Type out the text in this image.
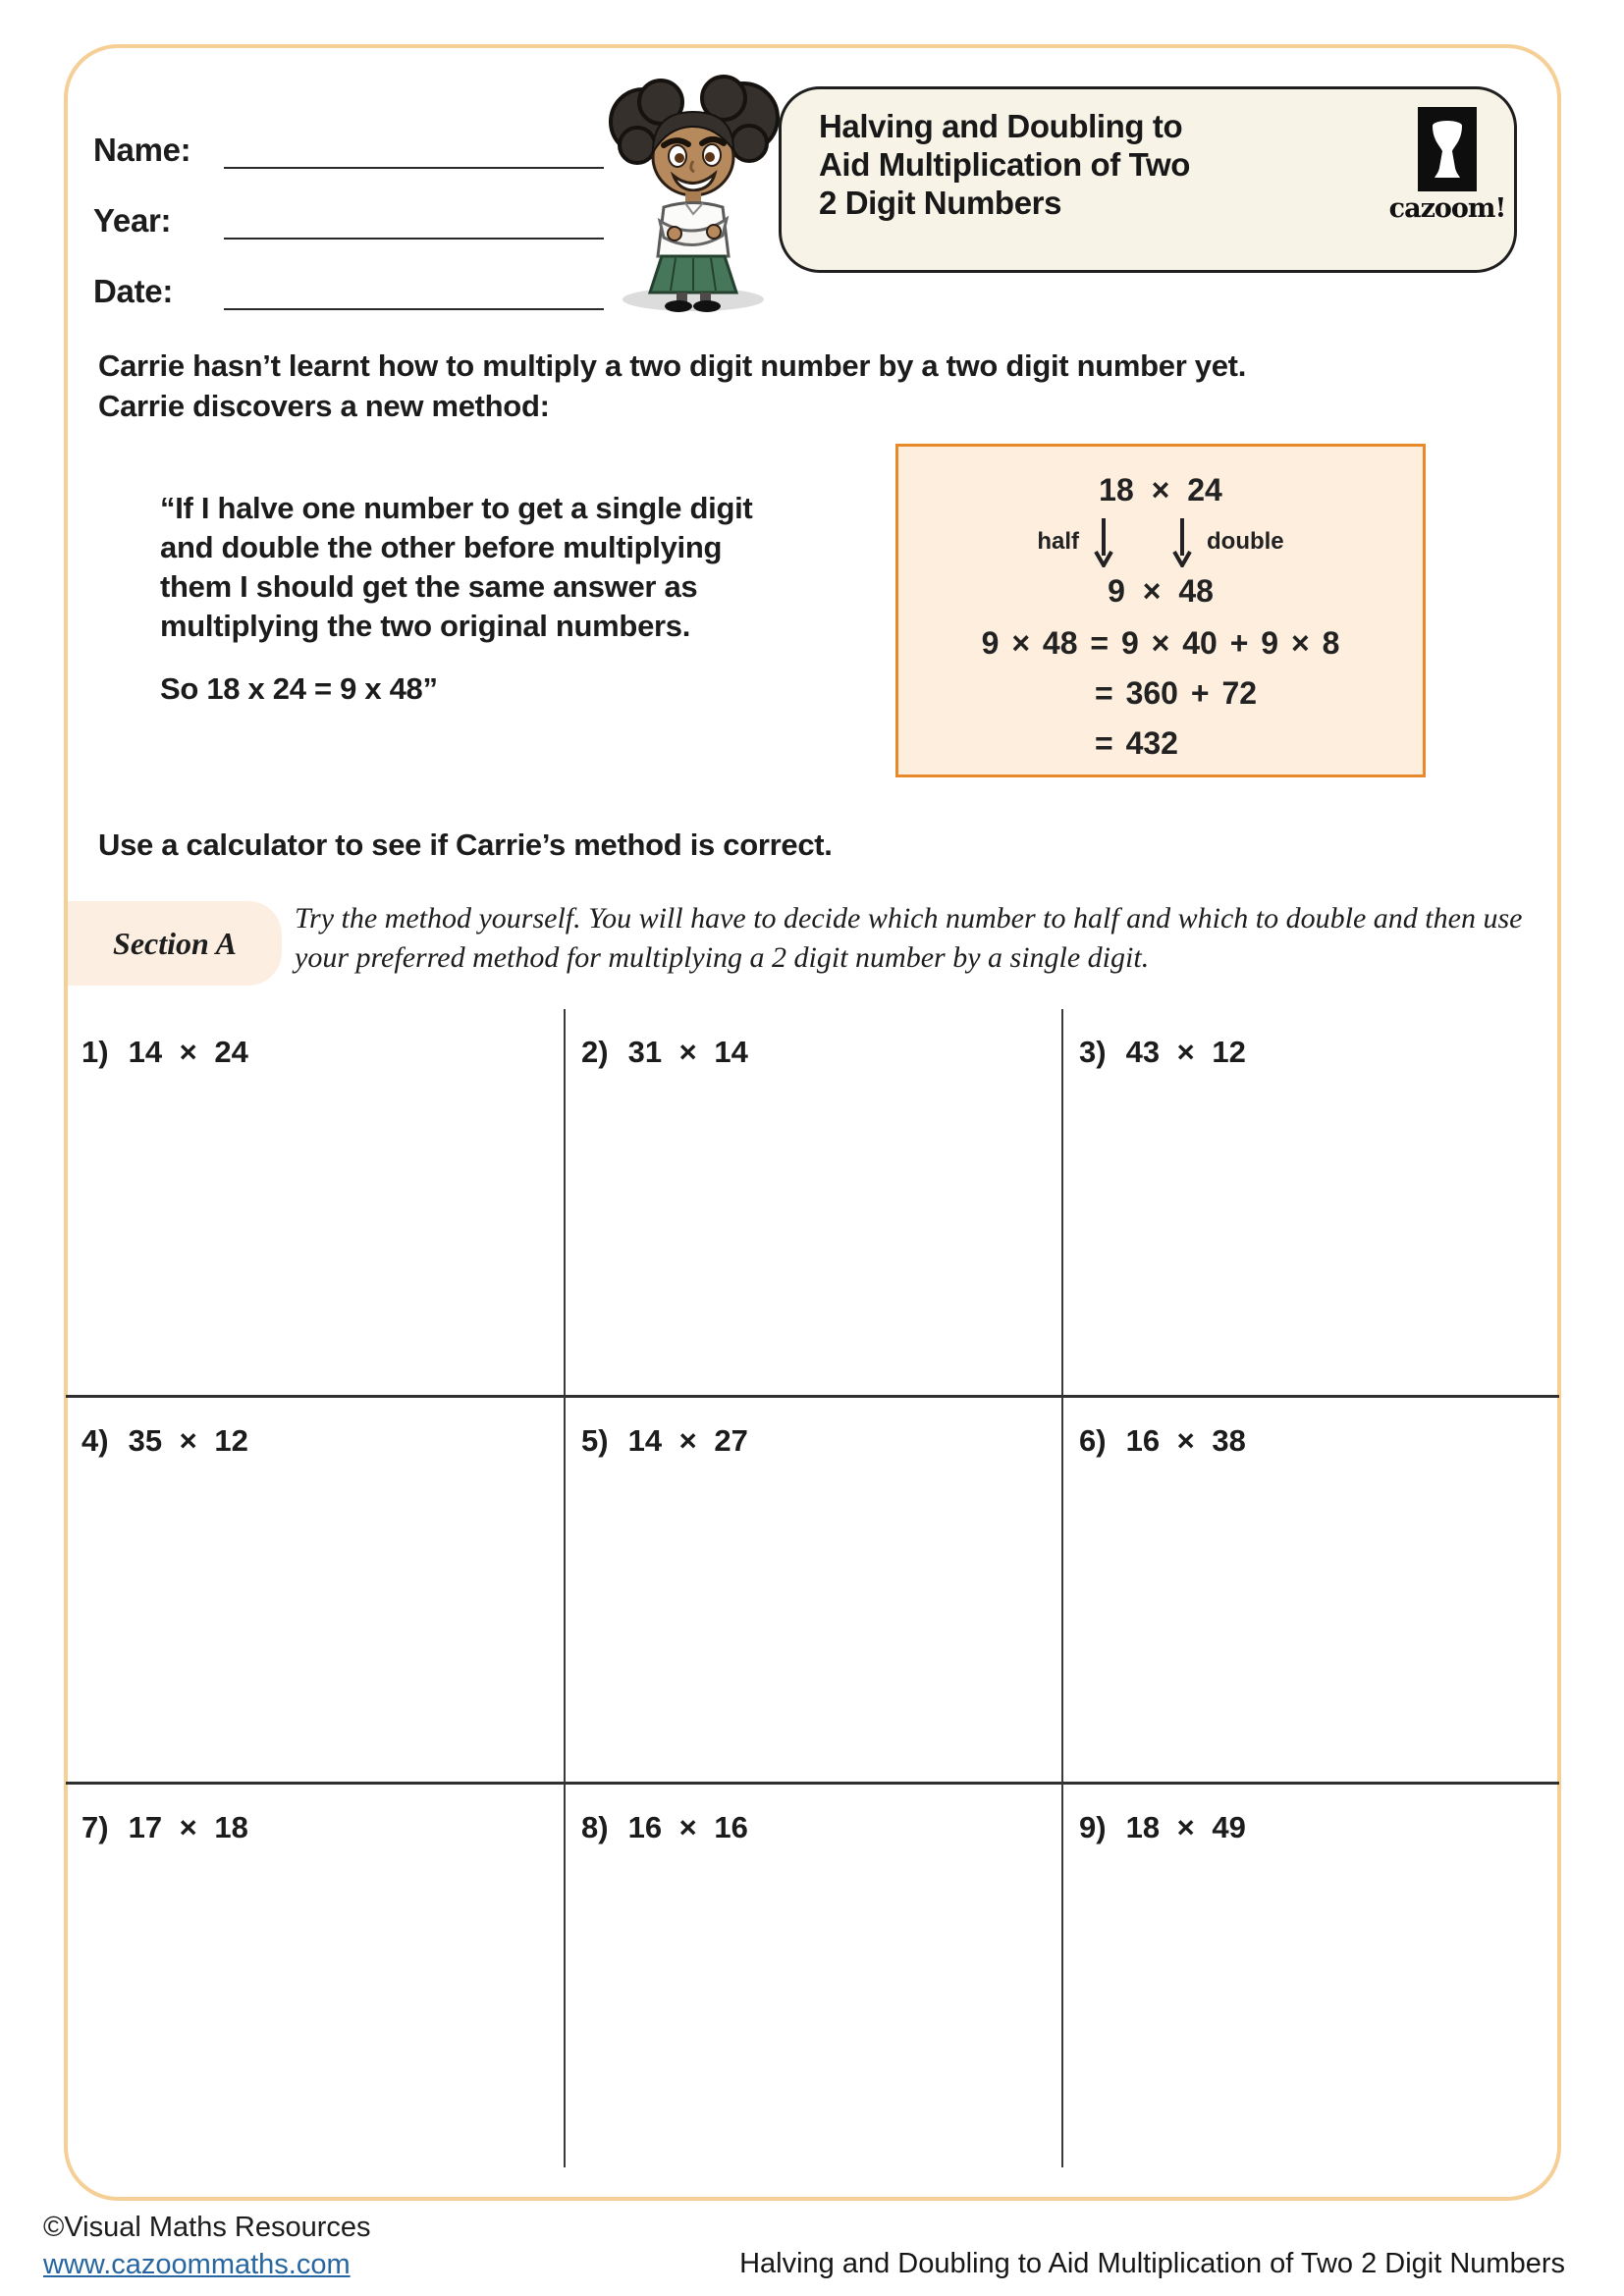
Name:
Year:
Date:
Halving and Doubling to
Aid Multiplication of Two
2 Digit Numbers	cazoom!
Carrie hasn’t learnt how to multiply a two digit number by a two digit number yet.
Carrie discovers a new method:
“If I halve one number to get a single digit and double the other before multiplying them I should get the same answer as multiplying the two original numbers.
So 18 x 24 = 9 x 48”
18 × 24
half	double
9 × 48
9 × 48 = 9 × 40 + 9 × 8
= 360 + 72
= 432
Use a calculator to see if Carrie’s method is correct.
Section A
Try the method yourself. You will have to decide which number to half and which to double and then use your preferred method for multiplying a 2 digit number by a single digit.
1) 14 × 24	2) 31 × 14	3) 43 × 12
4) 35 × 12	5) 14 × 27	6) 16 × 38
7) 17 × 18	8) 16 × 16	9) 18 × 49
©Visual Maths Resources
www.cazoommaths.com	Halving and Doubling to Aid Multiplication of Two 2 Digit Numbers
